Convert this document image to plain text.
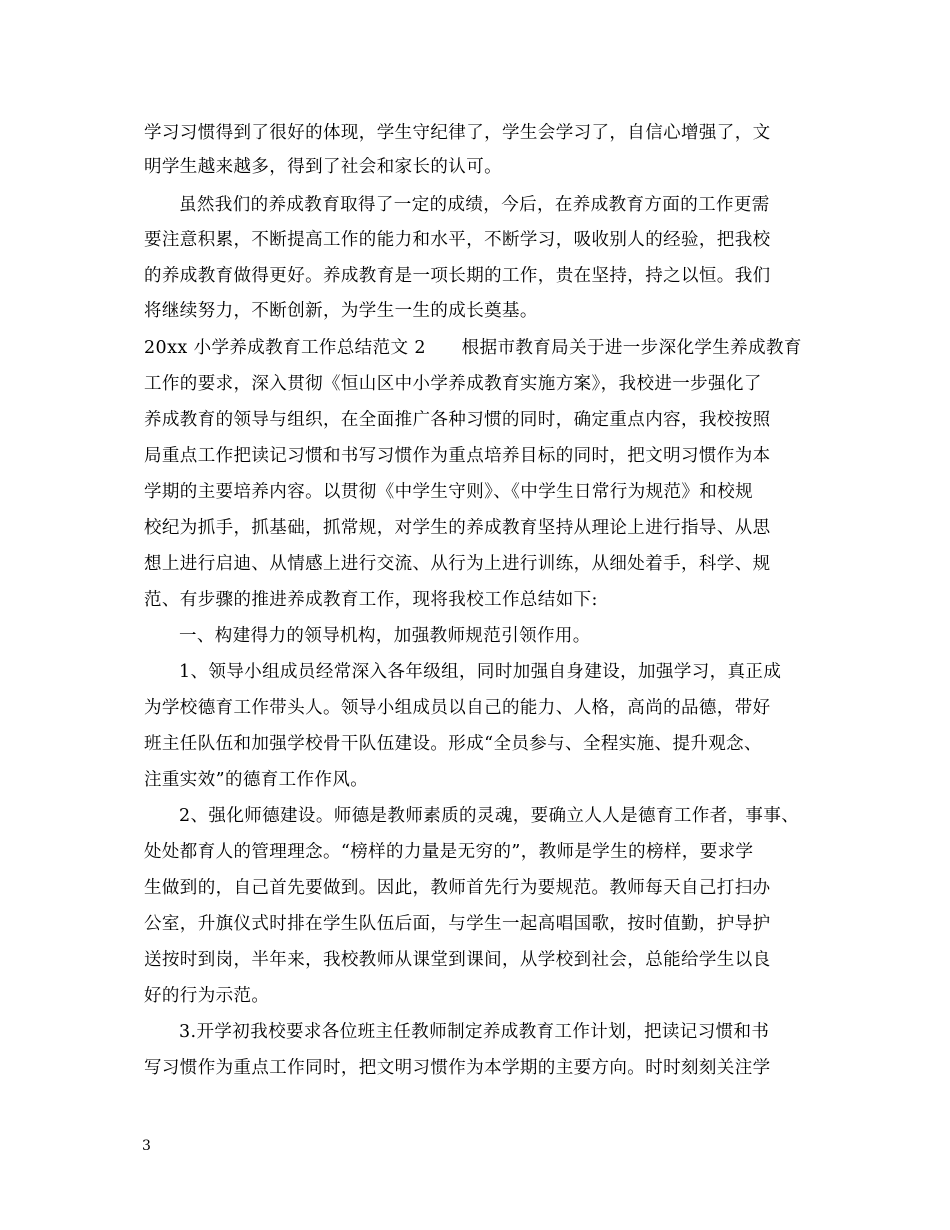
学习习惯得到了很好的体现，学生守纪律了，学生会学习了，自信心增强了，文
明学生越来越多，得到了社会和家长的认可。
虽然我们的养成教育取得了一定的成绩，今后，在养成教育方面的工作更需
要注意积累，不断提高工作的能力和水平，不断学习，吸收别人的经验，把我校
的养成教育做得更好。养成教育是一项长期的工作，贵在坚持，持之以恒。我们
将继续努力，不断创新，为学生一生的成长奠基。
20xx 小学养成教育工作总结范文 2　　根据市教育局关于进一步深化学生养成教育
工作的要求，深入贯彻《恒山区中小学养成教育实施方案》，我校进一步强化了
养成教育的领导与组织，在全面推广各种习惯的同时，确定重点内容，我校按照
局重点工作把读记习惯和书写习惯作为重点培养目标的同时，把文明习惯作为本
学期的主要培养内容。以贯彻《中学生守则》、《中学生日常行为规范》和校规
校纪为抓手，抓基础，抓常规，对学生的养成教育坚持从理论上进行指导、从思
想上进行启迪、从情感上进行交流、从行为上进行训练，从细处着手，科学、规
范、有步骤的推进养成教育工作，现将我校工作总结如下:
一、构建得力的领导机构，加强教师规范引领作用。
1、领导小组成员经常深入各年级组，同时加强自身建设，加强学习，真正成
为学校德育工作带头人。领导小组成员以自己的能力、人格，高尚的品德，带好
班主任队伍和加强学校骨干队伍建设。形成“全员参与、全程实施、提升观念、
注重实效”的德育工作作风。
2、强化师德建设。师德是教师素质的灵魂，要确立人人是德育工作者，事事、
处处都育人的管理理念。“榜样的力量是无穷的”，教师是学生的榜样，要求学
生做到的，自己首先要做到。因此，教师首先行为要规范。教师每天自己打扫办
公室，升旗仪式时排在学生队伍后面，与学生一起高唱国歌，按时值勤，护导护
送按时到岗，半年来，我校教师从课堂到课间，从学校到社会，总能给学生以良
好的行为示范。
3.开学初我校要求各位班主任教师制定养成教育工作计划，把读记习惯和书
写习惯作为重点工作同时，把文明习惯作为本学期的主要方向。时时刻刻关注学
3
